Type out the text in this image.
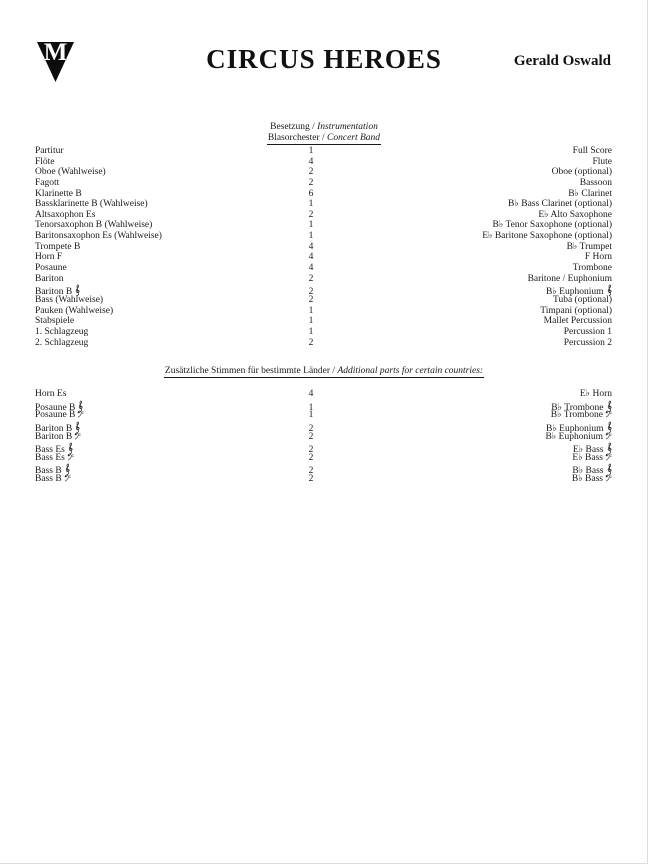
M	CIRCUS HEROES	Gerald Oswald
Besetzung / Instrumentation
Blasorchester / Concert Band
Partitur	1	Full Score
Flöte	4	Flute
Oboe (Wahlweise)	2	Oboe (optional)
Fagott	2	Bassoon
Klarinette B	6	B♭ Clarinet
Bassklarinette B (Wahlweise)	1	B♭ Bass Clarinet (optional)
Altsaxophon Es	2	E♭ Alto Saxophone
Tenorsaxophon B (Wahlweise)	1	B♭ Tenor Saxophone (optional)
Baritonsaxophon Es (Wahlweise)	1	E♭ Baritone Saxophone (optional)
Trompete B	4	B♭ Trumpet
Horn F	4	F Horn
Posaune	4	Trombone
Bariton	2	Baritone / Euphonium
Bariton B	2	B♭ Euphonium
Bass (Wahlweise)	2	Tuba (optional)
Pauken (Wahlweise)	1	Timpani (optional)
Stabspiele	1	Mallet Percussion
1. Schlagzeug	1	Percussion 1
2. Schlagzeug	2	Percussion 2
Zusätzliche Stimmen für bestimmte Länder / Additional parts for certain countries:
Horn Es	4	E♭ Horn
Posaune B	1	B♭ Trombone
Posaune B	1	B♭ Trombone
Bariton B	2	B♭ Euphonium
Bariton B	2	B♭ Euphonium
Bass Es	2	E♭ Bass
Bass Es	2	E♭ Bass
Bass B	2	B♭ Bass
Bass B	2	B♭ Bass
